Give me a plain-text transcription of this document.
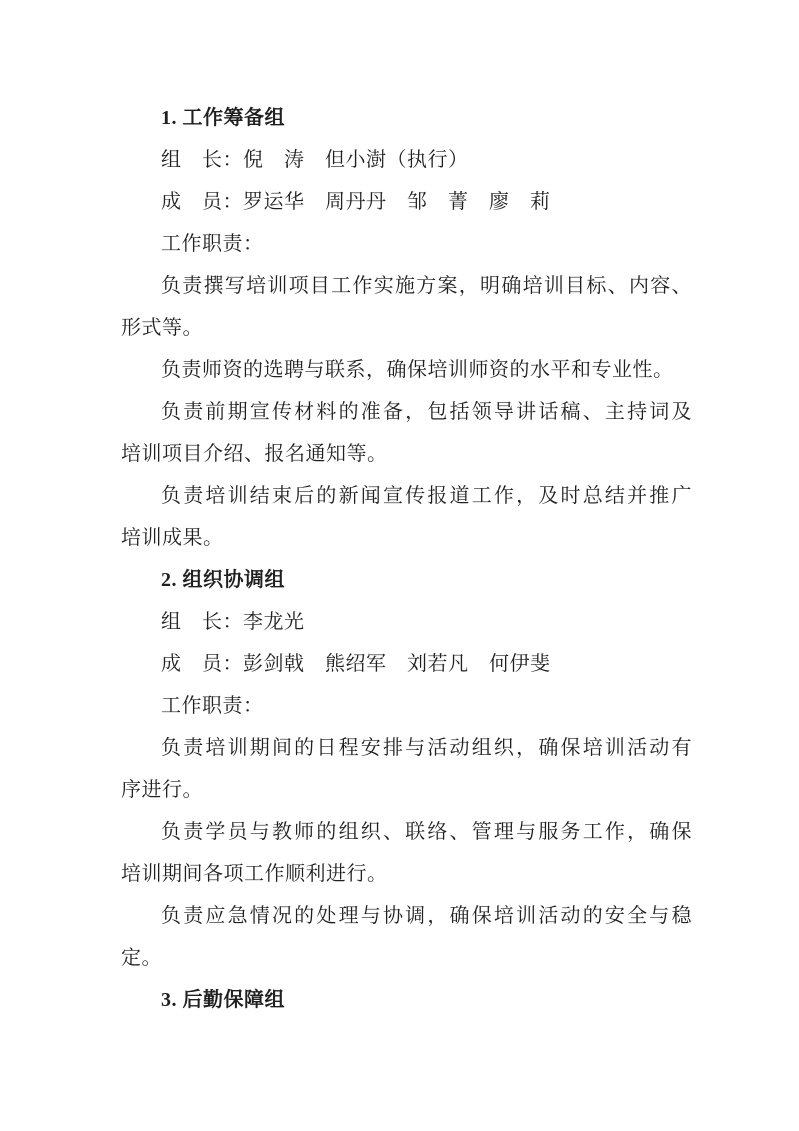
1. 工作筹备组

组　长：倪　涛　但小澍（执行）

成　员：罗运华　周丹丹　邹　菁　廖　莉

工作职责：

负责撰写培训项目工作实施方案，明确培训目标、内容、
形式等。

负责师资的选聘与联系，确保培训师资的水平和专业性。

负责前期宣传材料的准备，包括领导讲话稿、主持词及
培训项目介绍、报名通知等。

负责培训结束后的新闻宣传报道工作，及时总结并推广
培训成果。

2. 组织协调组

组　长：李龙光

成　员：彭剑戟　熊绍军　刘若凡　何伊斐

工作职责：

负责培训期间的日程安排与活动组织，确保培训活动有
序进行。

负责学员与教师的组织、联络、管理与服务工作，确保
培训期间各项工作顺利进行。

负责应急情况的处理与协调，确保培训活动的安全与稳
定。

3. 后勤保障组
